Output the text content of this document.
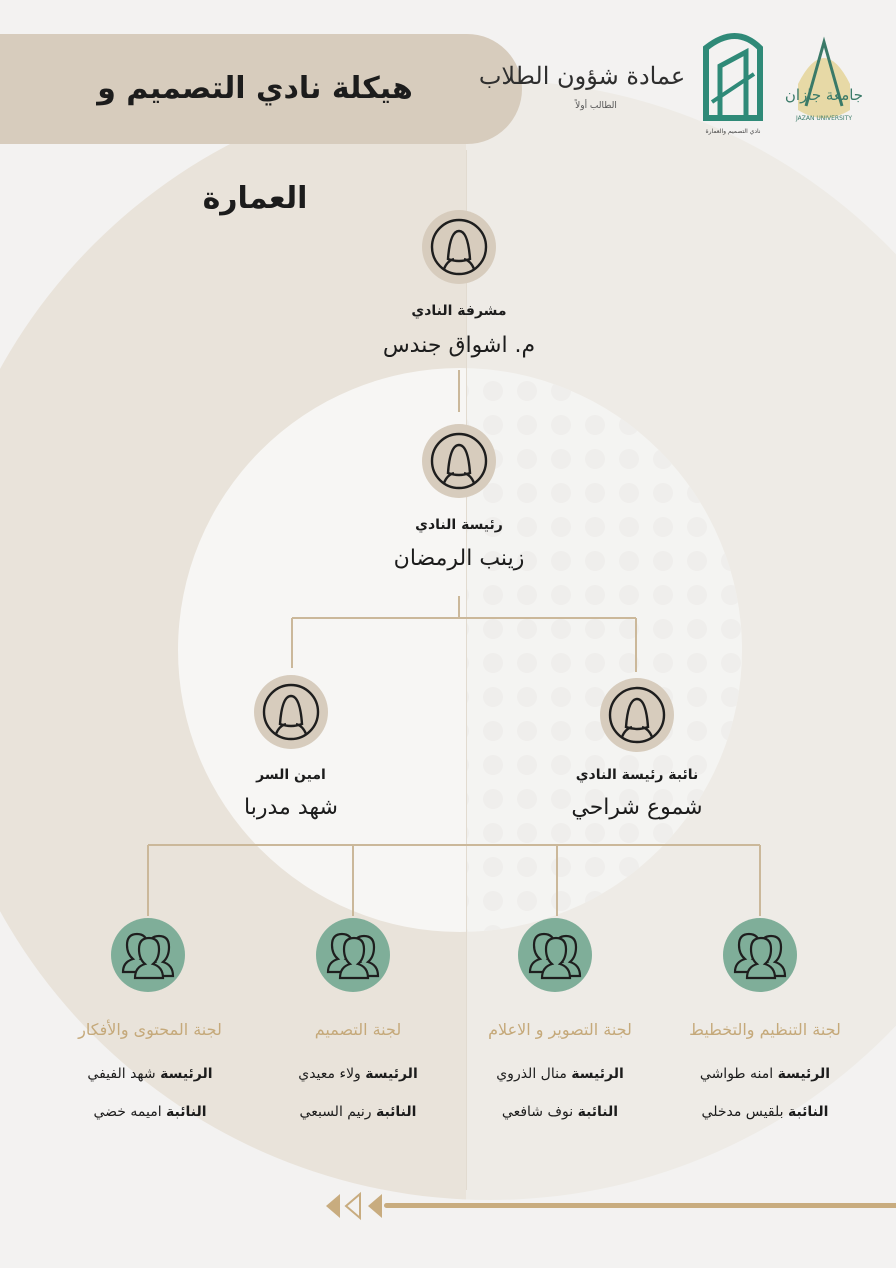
هيكلة نادي التصميم و العمارة
جامعة جازان
JAZAN UNIVERSITY
نادي التصميم والعمارة
عمادة شؤون الطلاب
الطالب أولاً
مشرفة النادي
م. اشواق جندس
رئيسة النادي
زينب الرمضان
امين السر
شهد مدربا
نائبة رئيسة النادي
شموع شراحي
لجنة التنظيم والتخطيط
الرئيسة امنه طواشي
النائبة بلقيس مدخلي
لجنة التصوير و الاعلام
الرئيسة منال الذروي
النائبة نوف شافعي
لجنة التصميم
الرئيسة ولاء معيدي
النائبة رنيم السبعي
لجنة المحتوى والأفكار
الرئيسة شهد الفيفي
النائبة اميمه خضي
